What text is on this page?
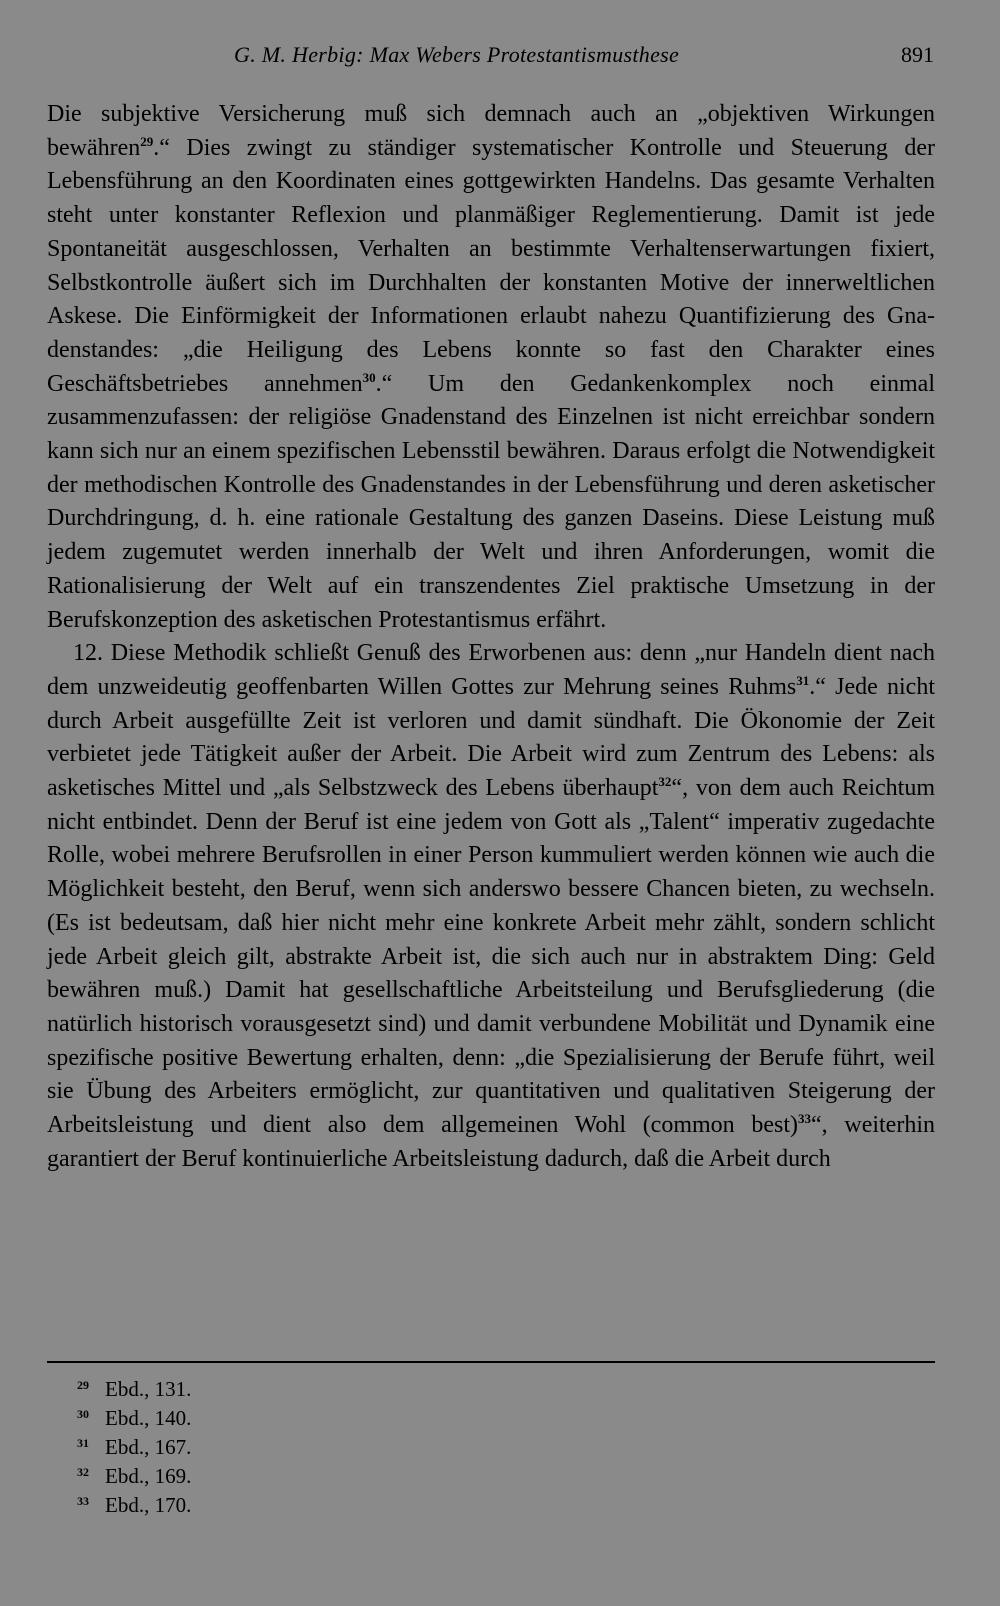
G. M. Herbig: Max Webers Protestantismusthese	891

Die subjektive Versicherung muß sich demnach auch an „objektiven Wirkungen bewähren$^{29}$.“ Dies zwingt zu ständiger systematischer Kontrolle und Steuerung der Lebensführung an den Koordinaten eines gottgewirkten Handelns. Das gesamte Verhalten steht unter konstanter Reflexion und planmäßiger Reglementierung. Damit ist jede Spontaneität ausgeschlossen, Verhalten an bestimmte Verhaltenserwartungen fixiert, Selbstkontrolle äußert sich im Durchhalten der konstanten Motive der innerweltlichen Askese. Die Einförmigkeit der Informationen erlaubt nahezu Quantifizierung des Gnadenstandes: „die Heiligung des Lebens konnte so fast den Charakter eines Geschäftsbetriebes annehmen$^{30}$.“ Um den Gedankenkomplex noch einmal zusammenzufassen: der religiöse Gnadenstand des Einzelnen ist nicht erreichbar sondern kann sich nur an einem spezifischen Lebensstil bewähren. Daraus erfolgt die Notwendigkeit der methodischen Kontrolle des Gnadenstandes in der Lebensführung und deren asketischer Durchdringung, d. h. eine rationale Gestaltung des ganzen Daseins. Diese Leistung muß jedem zugemutet werden innerhalb der Welt und ihren Anforderungen, womit die Rationalisierung der Welt auf ein transzendentes Ziel praktische Umsetzung in der Berufskonzeption des asketischen Protestantismus erfährt.

12. Diese Methodik schließt Genuß des Erworbenen aus: denn „nur Handeln dient nach dem unzweideutig geoffenbarten Willen Gottes zur Mehrung seines Ruhms$^{31}$.“ Jede nicht durch Arbeit ausgefüllte Zeit ist verloren und damit sündhaft. Die Ökonomie der Zeit verbietet jede Tätigkeit außer der Arbeit. Die Arbeit wird zum Zentrum des Lebens: als asketisches Mittel und „als Selbstzweck des Lebens überhaupt$^{32}$“, von dem auch Reichtum nicht entbindet. Denn der Beruf ist eine jedem von Gott als „Talent“ imperativ zugedachte Rolle, wobei mehrere Berufsrollen in einer Person kummuliert werden können wie auch die Möglichkeit besteht, den Beruf, wenn sich anderswo bessere Chancen bieten, zu wechseln. (Es ist bedeutsam, daß hier nicht mehr eine konkrete Arbeit mehr zählt, sondern schlicht jede Arbeit gleich gilt, abstrakte Arbeit ist, die sich auch nur in abstraktem Ding: Geld bewähren muß.) Damit hat gesellschaftliche Arbeitsteilung und Berufsgliederung (die natürlich historisch vorausgesetzt sind) und damit verbundene Mobilität und Dynamik eine spezifische positive Bewertung erhalten, denn: „die Spezialisierung der Berufe führt, weil sie Übung des Arbeiters ermöglicht, zur quantitativen und qualitativen Steigerung der Arbeitsleistung und dient also dem allgemeinen Wohl (common best)$^{33}$“, weiterhin garantiert der Beruf kontinuierliche Arbeitsleistung dadurch, daß die Arbeit durch

29 Ebd., 131.
30 Ebd., 140.
31 Ebd., 167.
32 Ebd., 169.
33 Ebd., 170.
